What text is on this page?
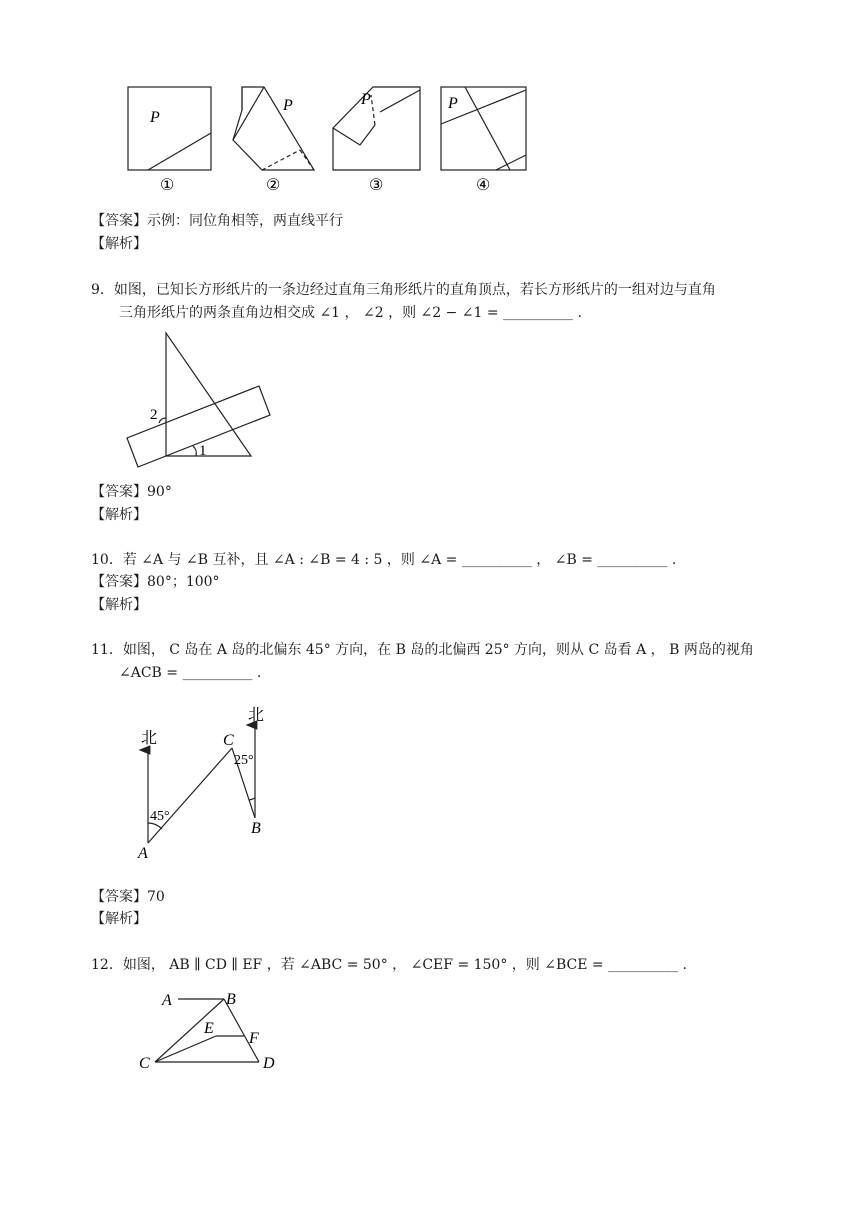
P
P	P	P
①	②	③	④
【答案】示例：同位角相等，两直线平行
【解析】
9．如图，已知长方形纸片的一条边经过直角三角形纸片的直角顶点，若长方形纸片的一组对边与直角
三角形纸片的两条直角边相交成 ∠1 ， ∠2 ，则 ∠2 − ∠1 = __________ .
1
2
【答案】90°
【解析】
10．若 ∠A 与 ∠B 互补，且 ∠A : ∠B = 4 : 5 ，则 ∠A = __________ ， ∠B = __________ .
【答案】80°；100°
【解析】
11．如图， C 岛在 A 岛的北偏东 45° 方向，在 B 岛的北偏西 25° 方向，则从 C 岛看 A ， B 两岛的视角
∠ACB = __________ .
北
北
C
A
B
45°
25°
【答案】70
【解析】
12．如图， AB ∥ CD ∥ EF ，若 ∠ABC = 50° ， ∠CEF = 150° ，则 ∠BCE = __________ .
A	B
E
F
C	D
